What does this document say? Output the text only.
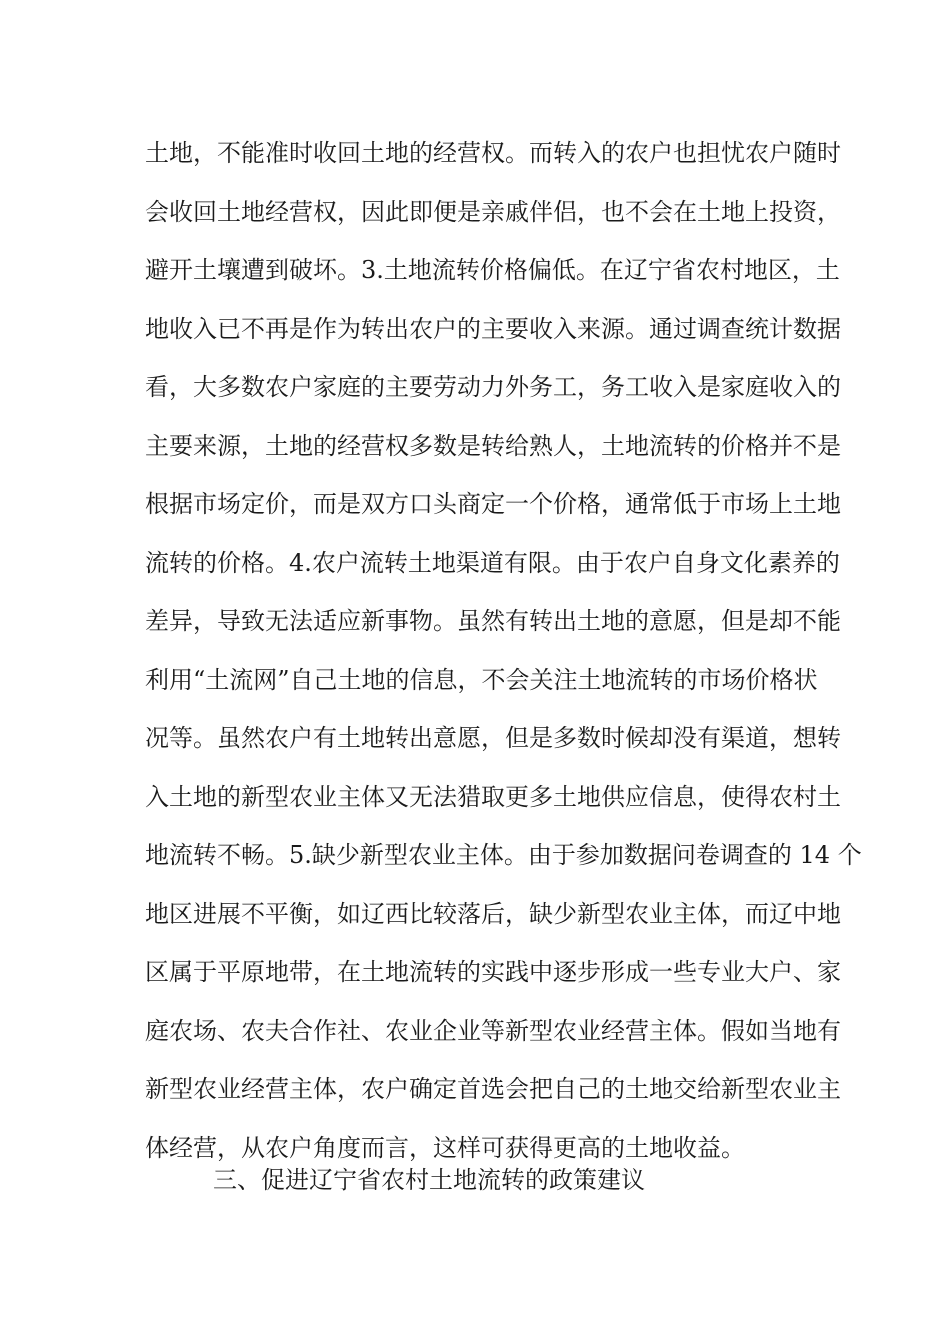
土地，不能准时收回土地的经营权。而转入的农户也担忧农户随时
会收回土地经营权，因此即便是亲戚伴侣，也不会在土地上投资，
避开土壤遭到破坏。3.土地流转价格偏低。在辽宁省农村地区，土
地收入已不再是作为转出农户的主要收入来源。通过调查统计数据
看，大多数农户家庭的主要劳动力外务工，务工收入是家庭收入的
主要来源，土地的经营权多数是转给熟人，土地流转的价格并不是
根据市场定价，而是双方口头商定一个价格，通常低于市场上土地
流转的价格。4.农户流转土地渠道有限。由于农户自身文化素养的
差异，导致无法适应新事物。虽然有转出土地的意愿，但是却不能
利用“土流网”自己土地的信息，不会关注土地流转的市场价格状
况等。虽然农户有土地转出意愿，但是多数时候却没有渠道，想转
入土地的新型农业主体又无法猎取更多土地供应信息，使得农村土
地流转不畅。5.缺少新型农业主体。由于参加数据问卷调查的 14 个
地区进展不平衡，如辽西比较落后，缺少新型农业主体，而辽中地
区属于平原地带，在土地流转的实践中逐步形成一些专业大户、家
庭农场、农夫合作社、农业企业等新型农业经营主体。假如当地有
新型农业经营主体，农户确定首选会把自己的土地交给新型农业主
体经营，从农户角度而言，这样可获得更高的土地收益。
三、促进辽宁省农村土地流转的政策建议
